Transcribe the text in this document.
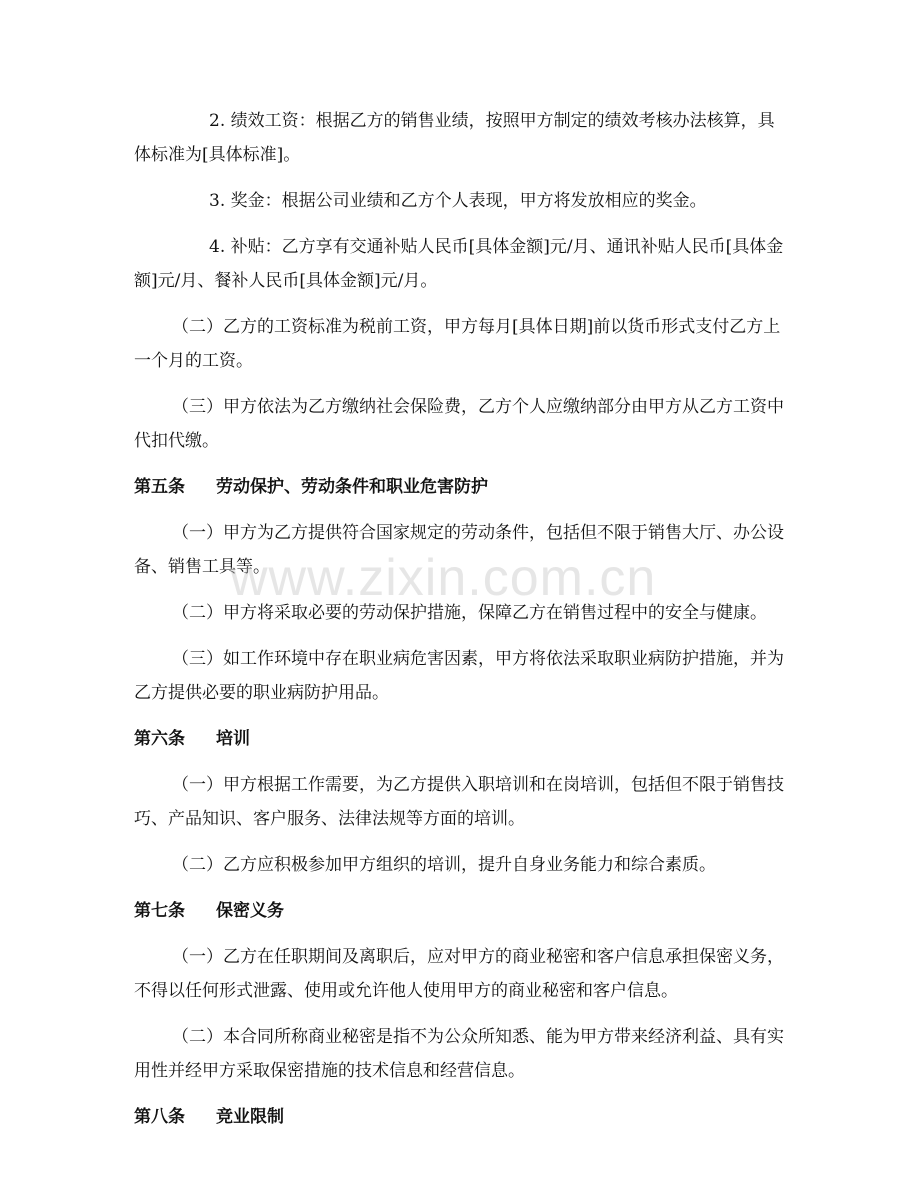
2. 绩效工资：根据乙方的销售业绩，按照甲方制定的绩效考核办法核算，具体标准为[具体标准]。

3. 奖金：根据公司业绩和乙方个人表现，甲方将发放相应的奖金。

4. 补贴：乙方享有交通补贴人民币[具体金额]元/月、通讯补贴人民币[具体金额]元/月、餐补人民币[具体金额]元/月。

（二）乙方的工资标准为税前工资，甲方每月[具体日期]前以货币形式支付乙方上一个月的工资。

（三）甲方依法为乙方缴纳社会保险费，乙方个人应缴纳部分由甲方从乙方工资中代扣代缴。

第五条 劳动保护、劳动条件和职业危害防护

（一）甲方为乙方提供符合国家规定的劳动条件，包括但不限于销售大厅、办公设备、销售工具等。

（二）甲方将采取必要的劳动保护措施，保障乙方在销售过程中的安全与健康。

（三）如工作环境中存在职业病危害因素，甲方将依法采取职业病防护措施，并为乙方提供必要的职业病防护用品。

第六条 培训

（一）甲方根据工作需要，为乙方提供入职培训和在岗培训，包括但不限于销售技巧、产品知识、客户服务、法律法规等方面的培训。

（二）乙方应积极参加甲方组织的培训，提升自身业务能力和综合素质。

第七条 保密义务

（一）乙方在任职期间及离职后，应对甲方的商业秘密和客户信息承担保密义务，不得以任何形式泄露、使用或允许他人使用甲方的商业秘密和客户信息。

（二）本合同所称商业秘密是指不为公众所知悉、能为甲方带来经济利益、具有实用性并经甲方采取保密措施的技术信息和经营信息。

第八条 竞业限制
www.zixin.com.cn
